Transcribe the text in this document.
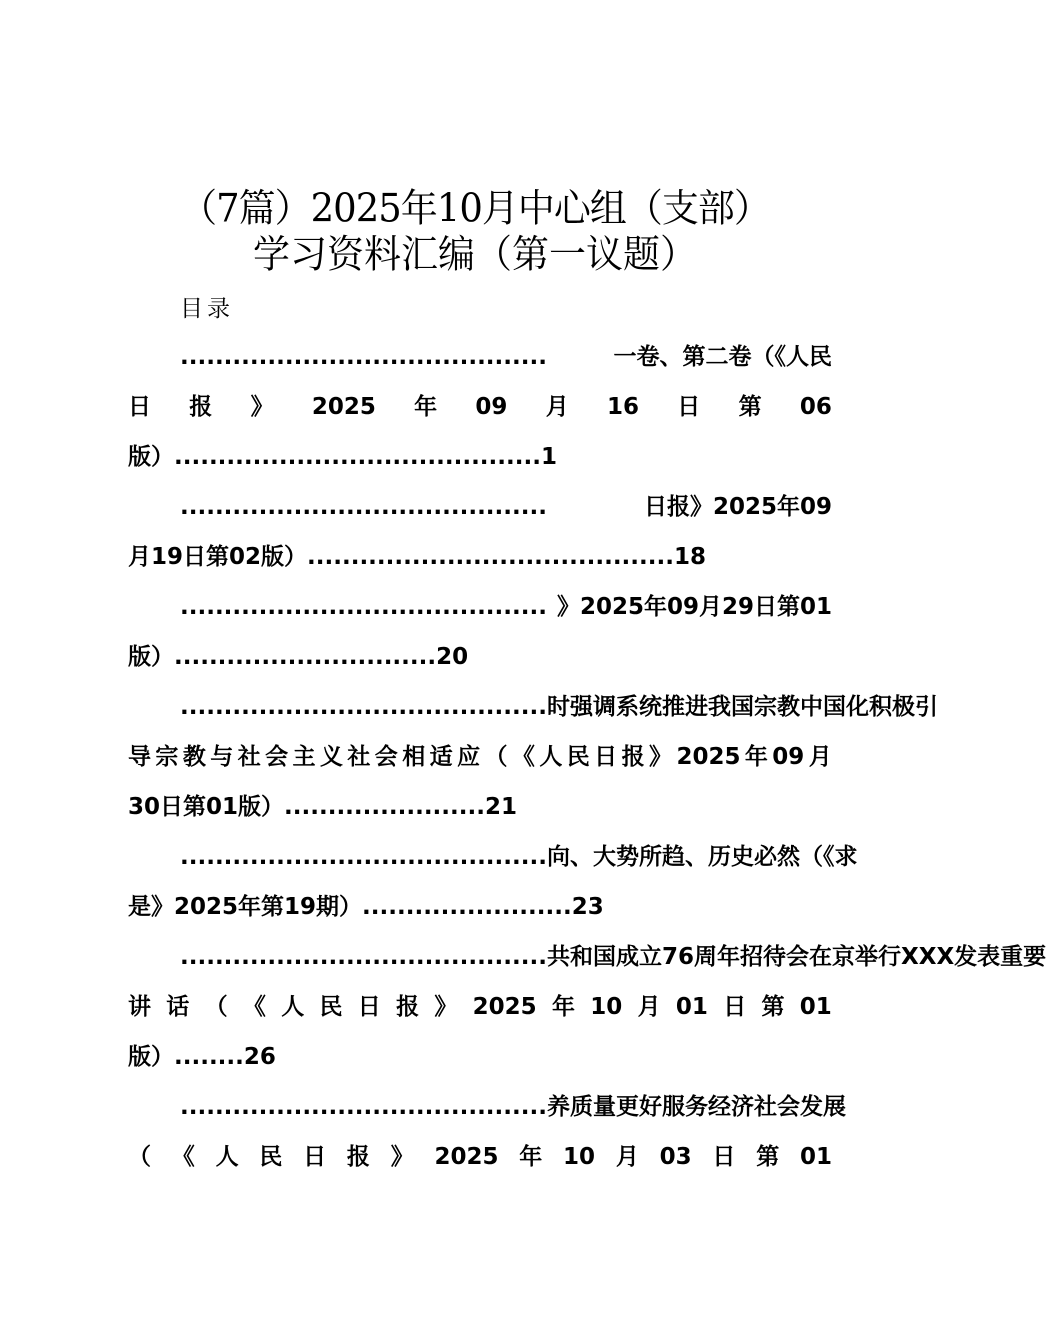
（7篇）2025年10月中心组（支部）
学习资料汇编（第一议题）
目录
..........................................	一卷、第二卷（《人民
日 报 》 2025 年 09 月 16 日 第 06
版） .......................................... 1
..........................................	日报》2025年09
月19日第02版） .......................................... 18
.......................................... 》2025年09月29日第01
版） .............................. 20
.......................................... 时强调系统推进我国宗教中国化积极引
导 宗 教 与 社 会 主 义 社 会 相 适 应 （ 《 人 民 日 报 》 2025 年 09 月
30日第01版） ....................... 21
.......................................... 向、大势所趋、历史必然（《求
是》2025年第19期） ........................ 23
.......................................... 共和国成立76周年招待会在京举行XXX发表重要
讲 话 （ 《 人 民 日 报 》 2025 年 10 月 01 日 第 01
版） ........ 26
.......................................... 养质量更好服务经济社会发展
（ 《 人 民 日 报 》 2025 年 10 月 03 日 第 01
